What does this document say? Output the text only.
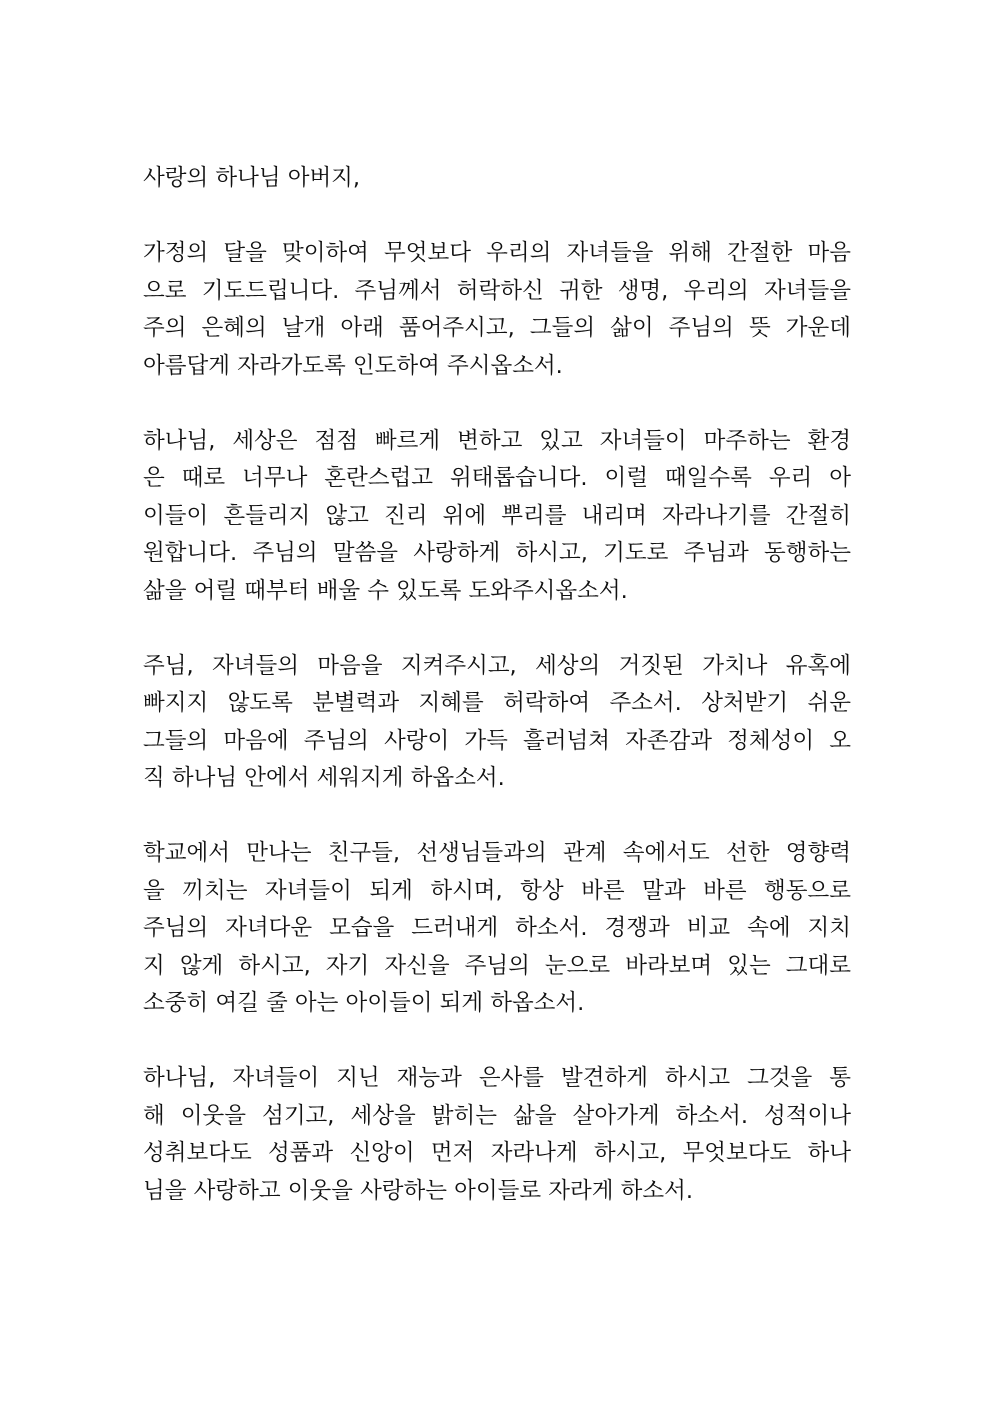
사랑의 하나님 아버지,

가정의 달을 맞이하여 무엇보다 우리의 자녀들을 위해 간절한 마음
으로 기도드립니다. 주님께서 허락하신 귀한 생명, 우리의 자녀들을
주의 은혜의 날개 아래 품어주시고, 그들의 삶이 주님의 뜻 가운데
아름답게 자라가도록 인도하여 주시옵소서.

하나님, 세상은 점점 빠르게 변하고 있고 자녀들이 마주하는 환경
은 때로 너무나 혼란스럽고 위태롭습니다. 이럴 때일수록 우리 아
이들이 흔들리지 않고 진리 위에 뿌리를 내리며 자라나기를 간절히
원합니다. 주님의 말씀을 사랑하게 하시고, 기도로 주님과 동행하는
삶을 어릴 때부터 배울 수 있도록 도와주시옵소서.

주님, 자녀들의 마음을 지켜주시고, 세상의 거짓된 가치나 유혹에
빠지지 않도록 분별력과 지혜를 허락하여 주소서. 상처받기 쉬운
그들의 마음에 주님의 사랑이 가득 흘러넘쳐 자존감과 정체성이 오
직 하나님 안에서 세워지게 하옵소서.

학교에서 만나는 친구들, 선생님들과의 관계 속에서도 선한 영향력
을 끼치는 자녀들이 되게 하시며, 항상 바른 말과 바른 행동으로
주님의 자녀다운 모습을 드러내게 하소서. 경쟁과 비교 속에 지치
지 않게 하시고, 자기 자신을 주님의 눈으로 바라보며 있는 그대로
소중히 여길 줄 아는 아이들이 되게 하옵소서.

하나님, 자녀들이 지닌 재능과 은사를 발견하게 하시고 그것을 통
해 이웃을 섬기고, 세상을 밝히는 삶을 살아가게 하소서. 성적이나
성취보다도 성품과 신앙이 먼저 자라나게 하시고, 무엇보다도 하나
님을 사랑하고 이웃을 사랑하는 아이들로 자라게 하소서.
